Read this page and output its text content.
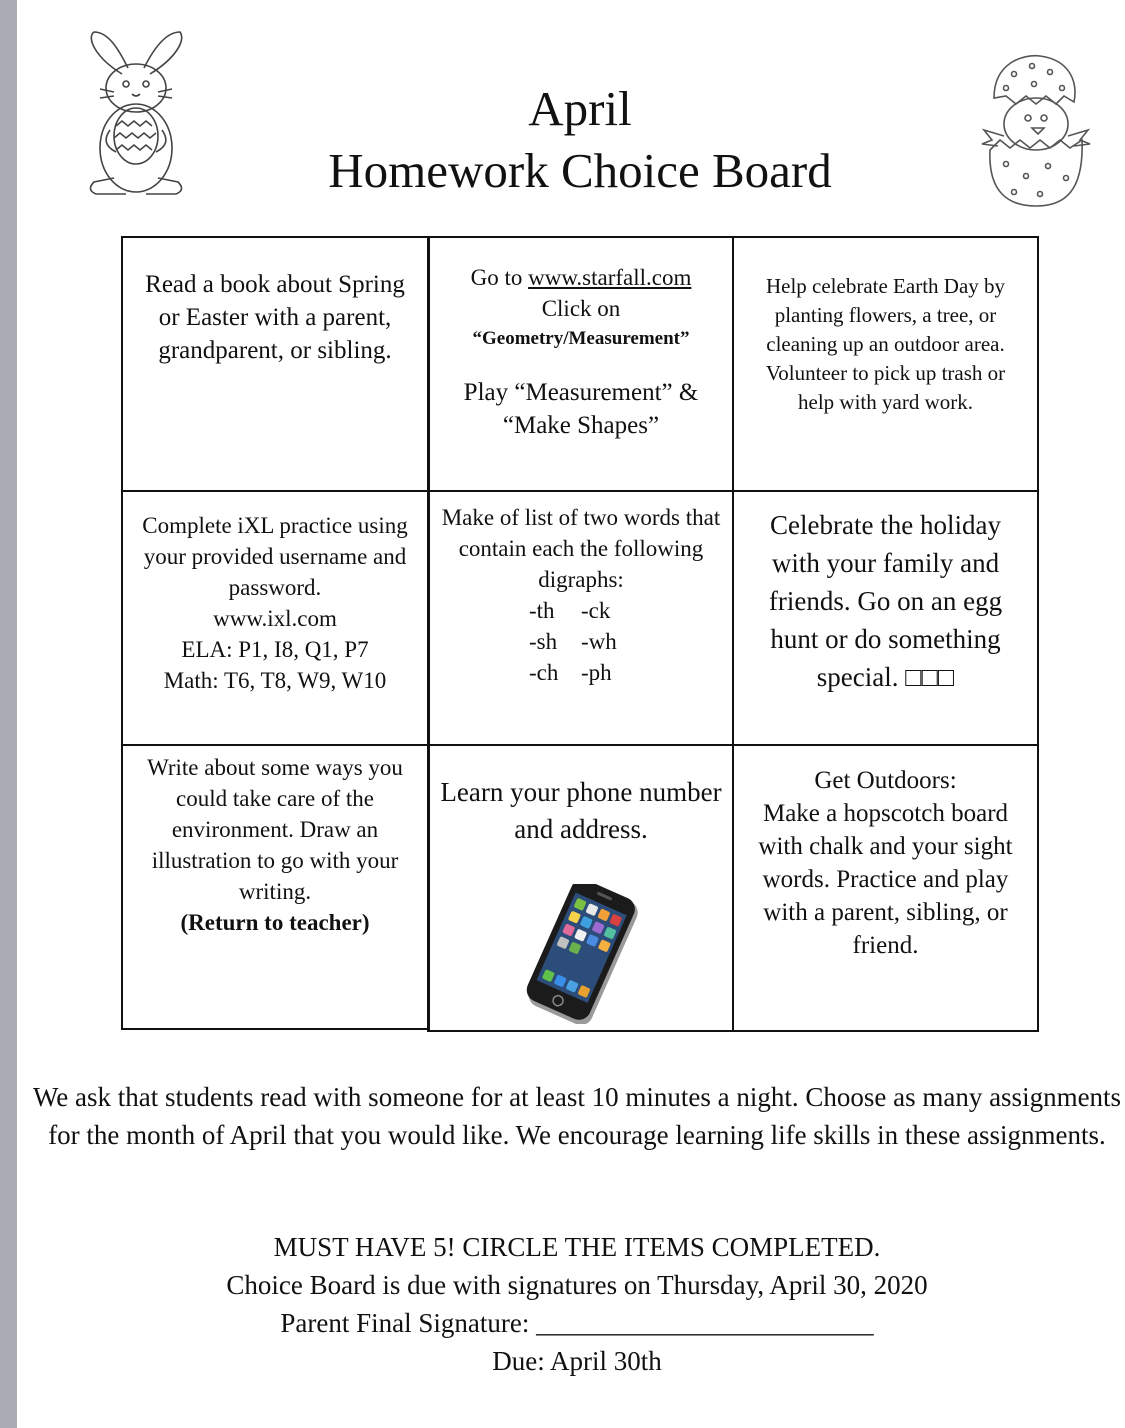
April
Homework Choice Board
Read a book about Spring or Easter with a parent, grandparent, or sibling.
Go to www.starfall.com
Click on
“Geometry/Measurement”
Play “Measurement” & “Make Shapes”
Help celebrate Earth Day by planting flowers, a tree, or cleaning up an outdoor area. Volunteer to pick up trash or help with yard work.
Complete iXL practice using your provided username and password.
www.ixl.com
ELA: P1, I8, Q1, P7
Math: T6, T8, W9, W10
Make of list of two words that contain each the following digraphs:
-th -ck
-sh -wh
-ch -ph
Celebrate the holiday with your family and friends. Go on an egg hunt or do something special. □□□
Write about some ways you could take care of the environment. Draw an illustration to go with your writing.
(Return to teacher)
Learn your phone number and address.
Get Outdoors:
Make a hopscotch board with chalk and your sight words. Practice and play with a parent, sibling, or friend.
We ask that students read with someone for at least 10 minutes a night. Choose as many assignments for the month of April that you would like. We encourage learning life skills in these assignments.
MUST HAVE 5! CIRCLE THE ITEMS COMPLETED.
Choice Board is due with signatures on Thursday, April 30, 2020
Parent Final Signature: _________________________
Due: April 30th
